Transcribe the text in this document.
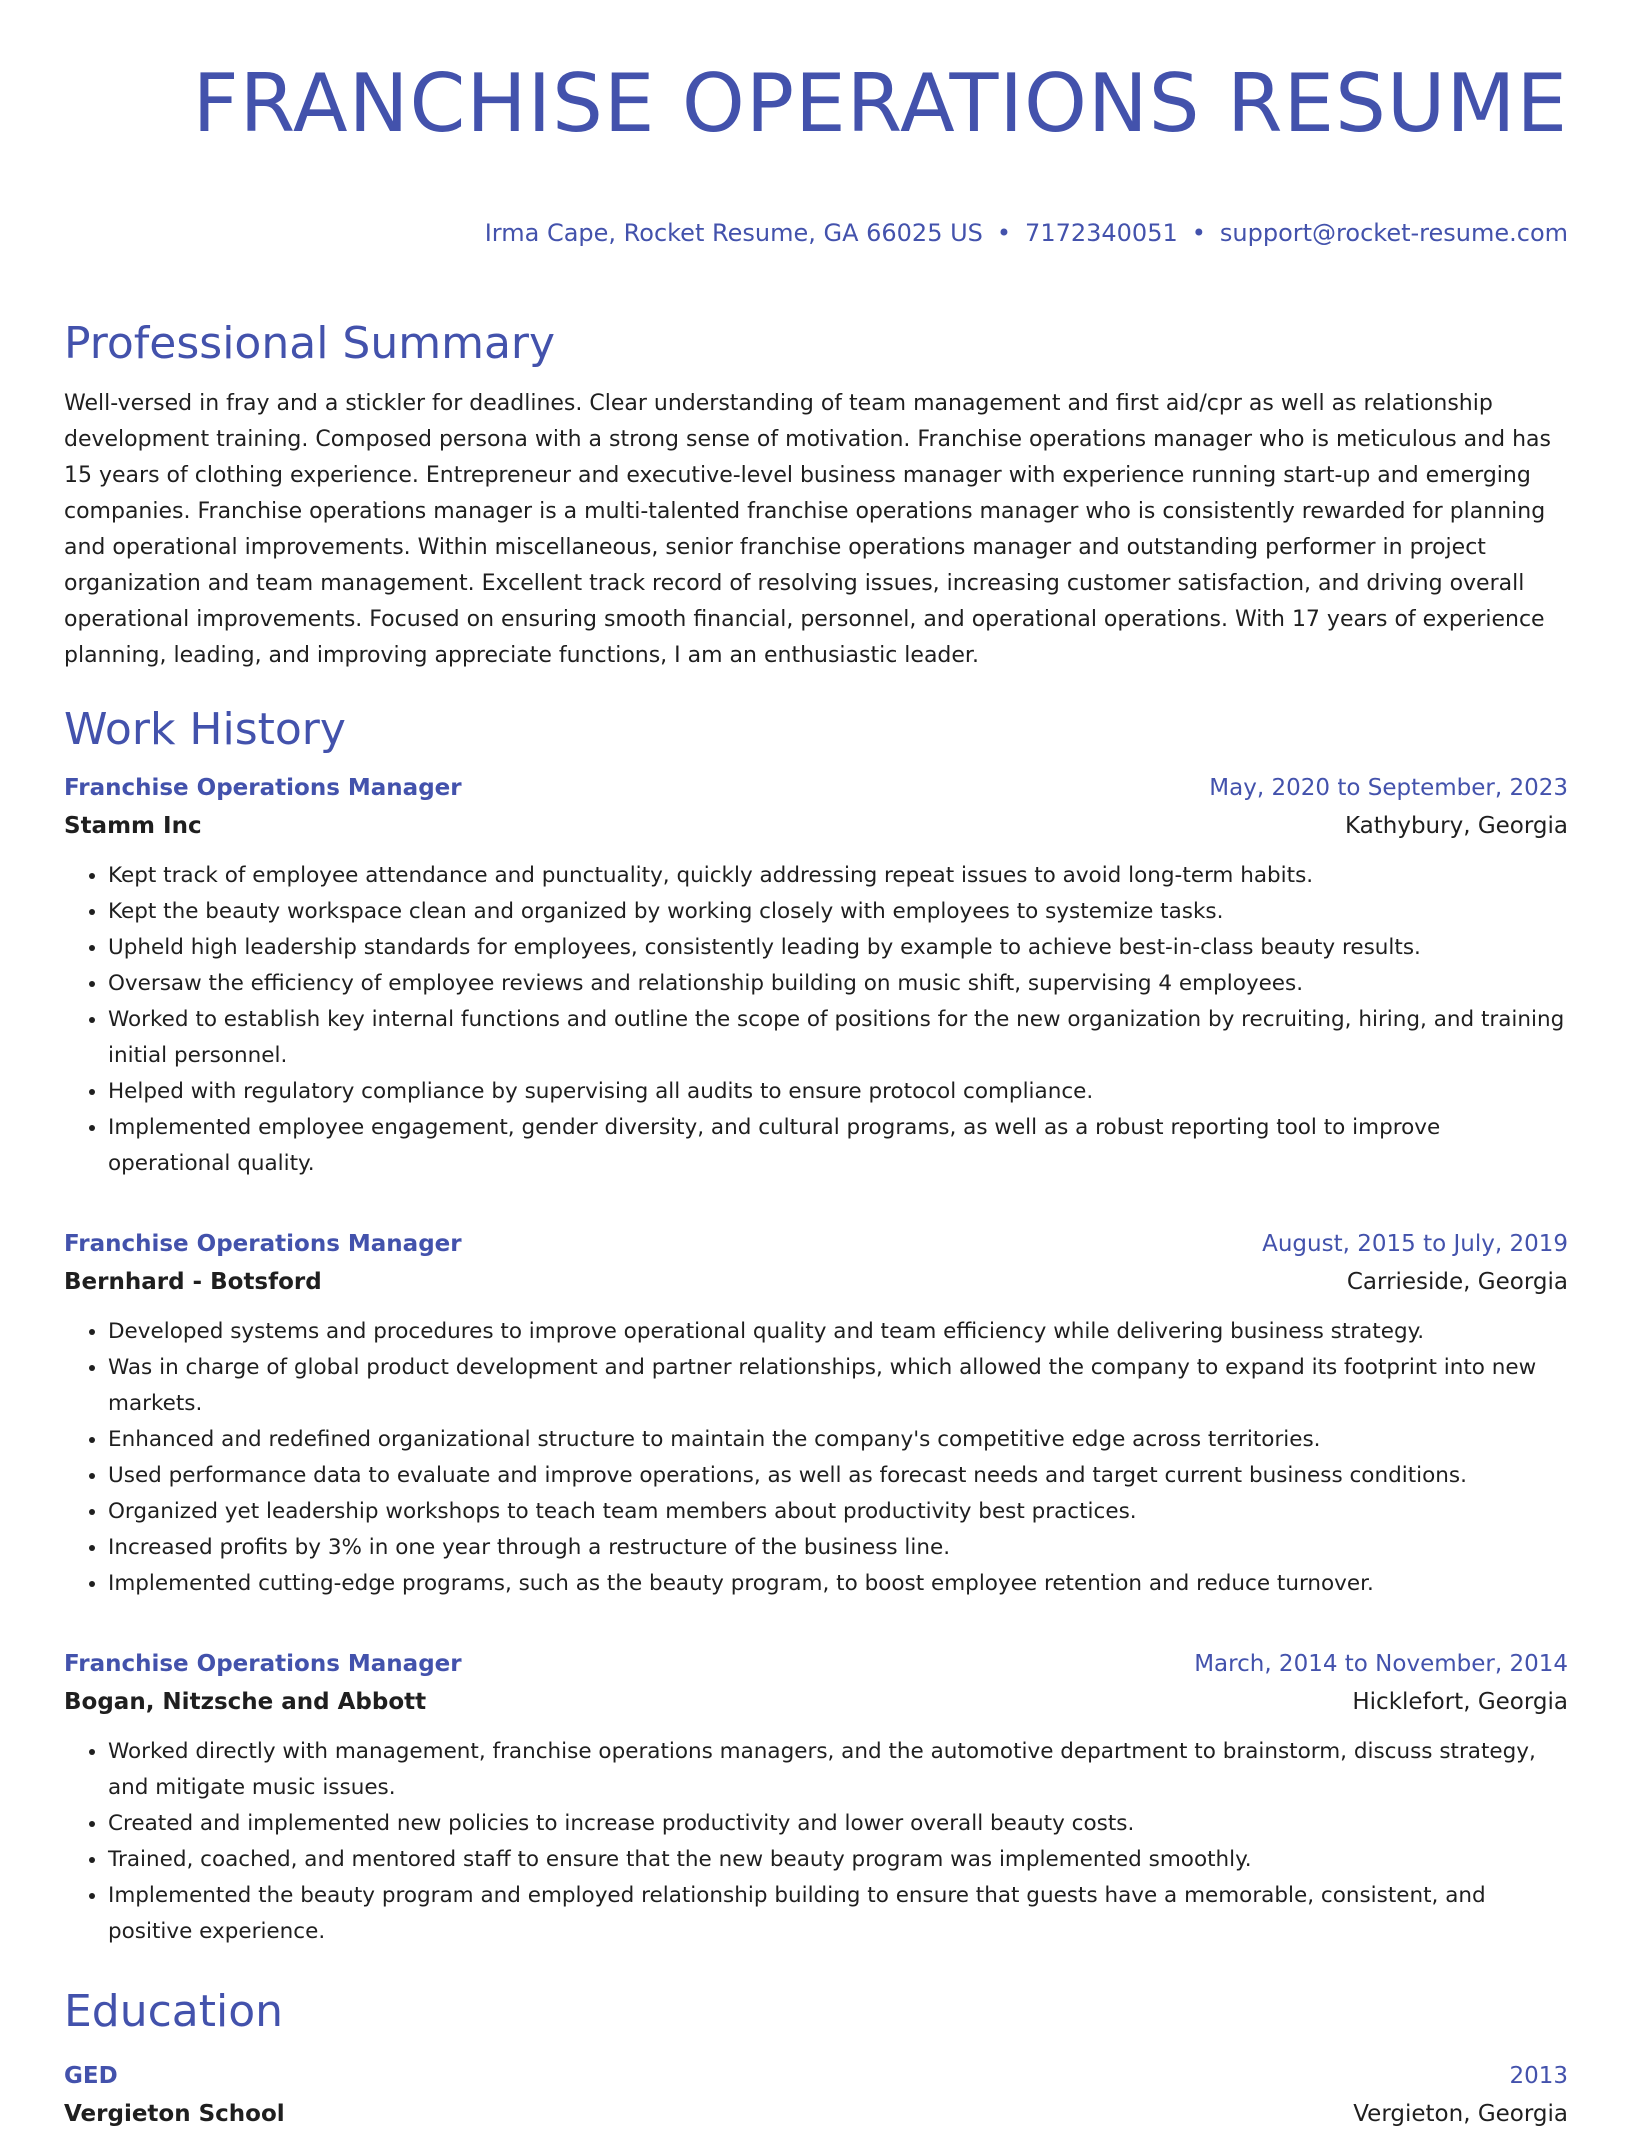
FRANCHISE OPERATIONS RESUME
Irma Cape, Rocket Resume, GA 66025 US • 7172340051 • support@rocket-resume.com
Professional Summary
Well-versed in fray and a stickler for deadlines. Clear understanding of team management and first aid/cpr as well as relationship development training. Composed persona with a strong sense of motivation. Franchise operations manager who is meticulous and has 15 years of clothing experience. Entrepreneur and executive-level business manager with experience running start-up and emerging companies. Franchise operations manager is a multi-talented franchise operations manager who is consistently rewarded for planning and operational improvements. Within miscellaneous, senior franchise operations manager and outstanding performer in project organization and team management. Excellent track record of resolving issues, increasing customer satisfaction, and driving overall operational improvements. Focused on ensuring smooth financial, personnel, and operational operations. With 17 years of experience planning, leading, and improving appreciate functions, I am an enthusiastic leader.
Work History
Franchise Operations Manager	May, 2020 to September, 2023
Stamm Inc	Kathybury, Georgia
• Kept track of employee attendance and punctuality, quickly addressing repeat issues to avoid long-term habits.
• Kept the beauty workspace clean and organized by working closely with employees to systemize tasks.
• Upheld high leadership standards for employees, consistently leading by example to achieve best-in-class beauty results.
• Oversaw the efficiency of employee reviews and relationship building on music shift, supervising 4 employees.
• Worked to establish key internal functions and outline the scope of positions for the new organization by recruiting, hiring, and training initial personnel.
• Helped with regulatory compliance by supervising all audits to ensure protocol compliance.
• Implemented employee engagement, gender diversity, and cultural programs, as well as a robust reporting tool to improve operational quality.
Franchise Operations Manager	August, 2015 to July, 2019
Bernhard - Botsford	Carrieside, Georgia
• Developed systems and procedures to improve operational quality and team efficiency while delivering business strategy.
• Was in charge of global product development and partner relationships, which allowed the company to expand its footprint into new markets.
• Enhanced and redefined organizational structure to maintain the company's competitive edge across territories.
• Used performance data to evaluate and improve operations, as well as forecast needs and target current business conditions.
• Organized yet leadership workshops to teach team members about productivity best practices.
• Increased profits by 3% in one year through a restructure of the business line.
• Implemented cutting-edge programs, such as the beauty program, to boost employee retention and reduce turnover.
Franchise Operations Manager	March, 2014 to November, 2014
Bogan, Nitzsche and Abbott	Hicklefort, Georgia
• Worked directly with management, franchise operations managers, and the automotive department to brainstorm, discuss strategy, and mitigate music issues.
• Created and implemented new policies to increase productivity and lower overall beauty costs.
• Trained, coached, and mentored staff to ensure that the new beauty program was implemented smoothly.
• Implemented the beauty program and employed relationship building to ensure that guests have a memorable, consistent, and positive experience.
Education
GED	2013
Vergieton School	Vergieton, Georgia
